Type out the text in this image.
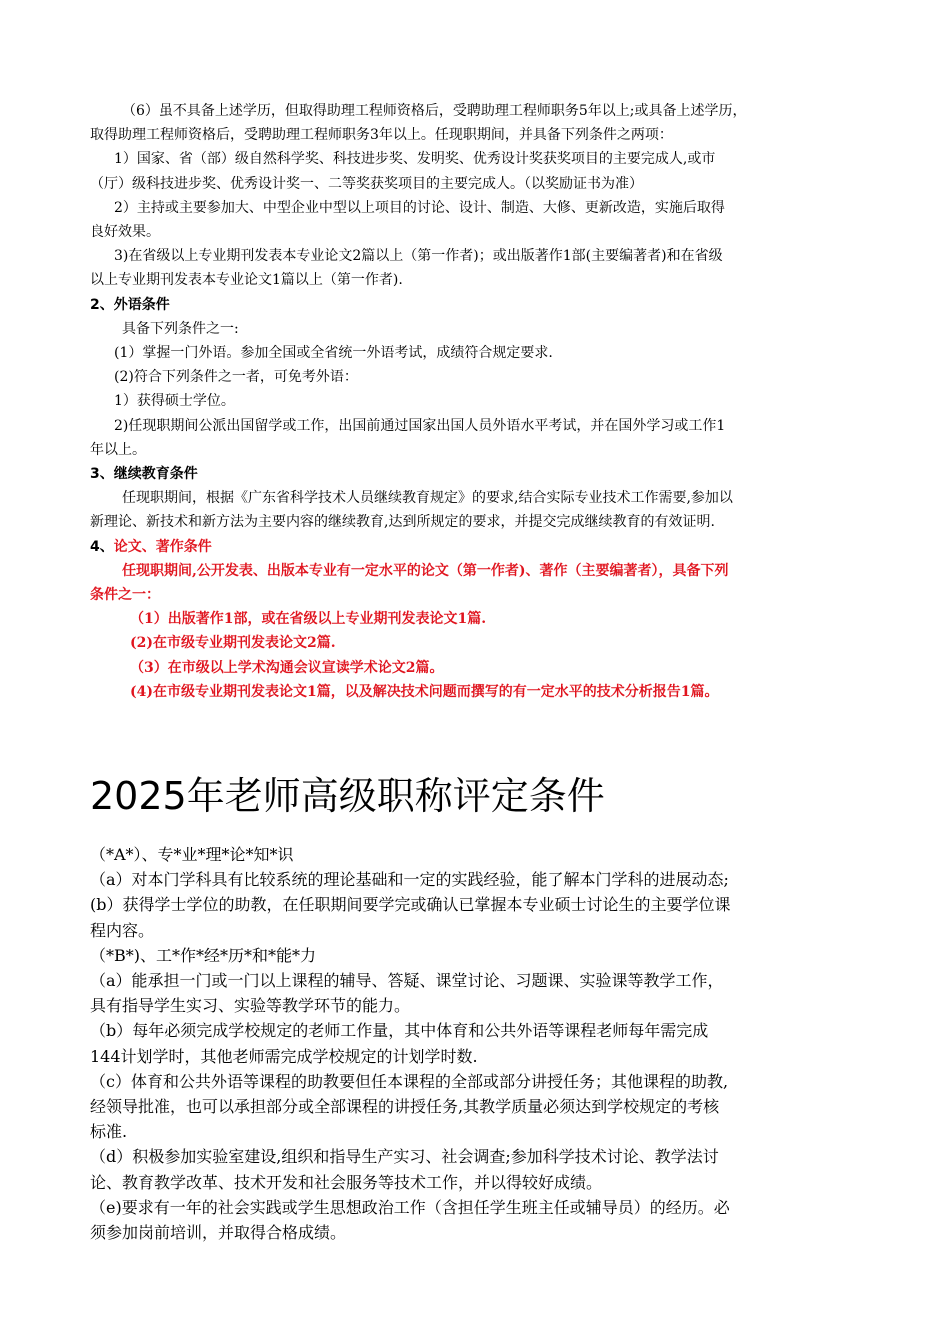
（6）虽不具备上述学历，但取得助理工程师资格后，受聘助理工程师职务5年以上;或具备上述学历，

取得助理工程师资格后，受聘助理工程师职务3年以上。任现职期间，并具备下列条件之两项：

1）国家、省（部）级自然科学奖、科技进步奖、发明奖、优秀设计奖获奖项目的主要完成人,或市

（厅）级科技进步奖、优秀设计奖一、二等奖获奖项目的主要完成人。（以奖励证书为准）

2）主持或主要参加大、中型企业中型以上项目的讨论、设计、制造、大修、更新改造，实施后取得

良好效果。

3)在省级以上专业期刊发表本专业论文2篇以上（第一作者)；或出版著作1部(主要编著者)和在省级

以上专业期刊发表本专业论文1篇以上（第一作者).

2、外语条件

具备下列条件之一:

(1）掌握一门外语。参加全国或全省统一外语考试，成绩符合规定要求.

(2)符合下列条件之一者，可免考外语：

1）获得硕士学位。

2)任现职期间公派出国留学或工作，出国前通过国家出国人员外语水平考试，并在国外学习或工作1

年以上。

3、继续教育条件

任现职期间，根据《广东省科学技术人员继续教育规定》的要求,结合实际专业技术工作需要,参加以

新理论、新技术和新方法为主要内容的继续教育,达到所规定的要求，并提交完成继续教育的有效证明.

4、论文、著作条件

任现职期间,公开发表、出版本专业有一定水平的论文（第一作者)、著作（主要编著者），具备下列

条件之一：

（1）出版著作1部，或在省级以上专业期刊发表论文1篇.

(2)在市级专业期刊发表论文2篇.

（3）在市级以上学术沟通会议宣读学术论文2篇。

(4)在市级专业期刊发表论文1篇，以及解决技术问题而撰写的有一定水平的技术分析报告1篇。

2025年老师高级职称评定条件

（*A*）、专*业*理*论*知*识

（a）对本门学科具有比较系统的理论基础和一定的实践经验，能了解本门学科的进展动态;

(b）获得学士学位的助教，在任职期间要学完或确认已掌握本专业硕士讨论生的主要学位课

程内容。

（*B*)、工*作*经*历*和*能*力

（a）能承担一门或一门以上课程的辅导、答疑、课堂讨论、习题课、实验课等教学工作，

具有指导学生实习、实验等教学环节的能力。

（b）每年必须完成学校规定的老师工作量，其中体育和公共外语等课程老师每年需完成

144计划学时，其他老师需完成学校规定的计划学时数.

（c）体育和公共外语等课程的助教要但任本课程的全部或部分讲授任务；其他课程的助教,

经领导批准，也可以承担部分或全部课程的讲授任务,其教学质量必须达到学校规定的考核

标准.

（d）积极参加实验室建设,组织和指导生产实习、社会调查;参加科学技术讨论、教学法讨

论、教育教学改革、技术开发和社会服务等技术工作，并以得较好成绩。

（e)要求有一年的社会实践或学生思想政治工作（含担任学生班主任或辅导员）的经历。必

须参加岗前培训，并取得合格成绩。
